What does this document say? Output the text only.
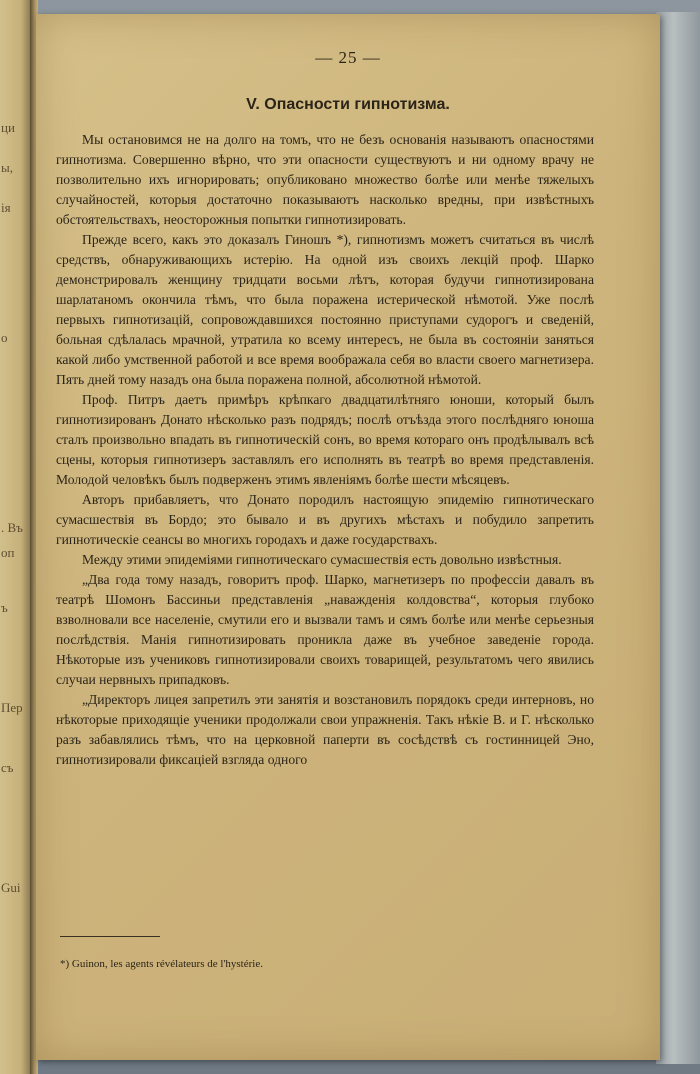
ци
ы,
ія
о
. Въ
оп
ъ
Пер
съ
Gui
— 25 —
V. Опасности гипнотизма.

Мы остановимся не на долго на томъ, что не безъ основанія называютъ опасностями гипнотизма. Совершенно вѣрно, что эти опасности существуютъ и ни одному врачу не позволительно ихъ игнорировать; опубликовано множество болѣе или менѣе тяжелыхъ случайностей, которыя достаточно показываютъ насколько вредны, при извѣстныхъ обстоятельствахъ, неосторожныя попытки гипнотизировать.

Прежде всего, какъ это доказалъ Гиношъ *), гипнотизмъ можетъ считаться въ числѣ средствъ, обнаруживающихъ истерію. На одной изъ своихъ лекцій проф. Шарко демонстрировалъ женщину тридцати восьми лѣтъ, которая будучи гипнотизирована шарлатаномъ окончила тѣмъ, что была поражена истерической нѣмотой. Уже послѣ первыхъ гипнотизацій, сопровождавшихся постоянно приступами судорогъ и сведеній, больная сдѣлалась мрачной, утратила ко всему интересъ, не была въ состояніи заняться какой либо умственной работой и все время воображала себя во власти своего магнетизера. Пять дней тому назадъ она была поражена полной, абсолютной нѣмотой.

Проф. Питръ даетъ примѣръ крѣпкаго двадцатилѣтняго юноши, который былъ гипнотизированъ Донато нѣсколько разъ подрядъ; послѣ отъѣзда этого послѣдняго юноша сталъ произвольно впадать въ гипнотическій сонъ, во время котораго онъ продѣлывалъ всѣ сцены, которыя гипнотизеръ заставлялъ его исполнять въ театрѣ во время представленія. Молодой человѣкъ былъ подверженъ этимъ явленіямъ болѣе шести мѣсяцевъ.

Авторъ прибавляетъ, что Донато породилъ настоящую эпидемію гипнотическаго сумасшествія въ Бордо; это бывало и въ другихъ мѣстахъ и побудило запретить гипнотическіе сеансы во многихъ городахъ и даже государствахъ.

Между этими эпидеміями гипнотическаго сумасшествія есть довольно извѣстныя.

„Два года тому назадъ, говоритъ проф. Шарко, магнетизеръ по профессіи давалъ въ театрѣ Шомонъ Бассиньи представленія „наважденія колдовства“, которыя глубоко взволновали все населеніе, смутили его и вызвали тамъ и сямъ болѣе или менѣе серьезныя послѣдствія. Манія гипнотизировать проникла даже въ учебное заведеніе города. Нѣкоторые изъ учениковъ гипнотизировали своихъ товарищей, результатомъ чего явились случаи нервныхъ припадковъ.

„Директоръ лицея запретилъ эти занятія и возстановилъ порядокъ среди интерновъ, но нѣкоторые приходящіе ученики продолжали свои упражненія. Такъ нѣкіе В. и Г. нѣсколько разъ забавлялись тѣмъ, что на церковной паперти въ сосѣдствѣ съ гостинницей Эно, гипнотизировали фиксаціей взгляда одного

*) Guinon, les agents révélateurs de l'hystérie.
